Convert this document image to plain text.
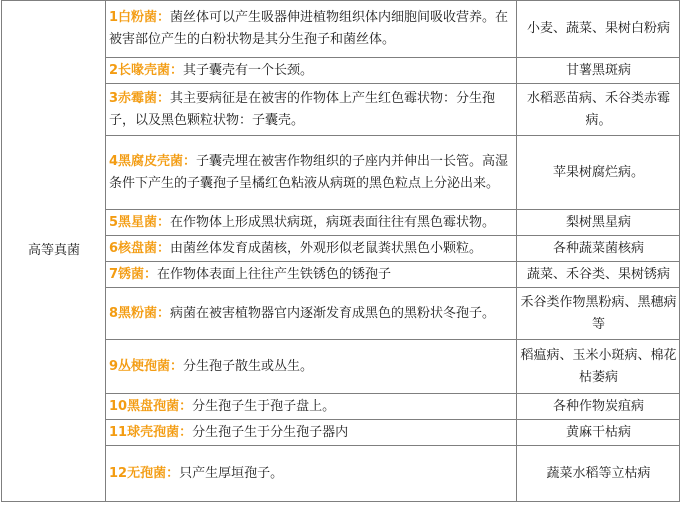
高等真菌	1白粉菌：菌丝体可以产生吸器伸进植物组织体内细胞间吸收营养。在被害部位产生的白粉状物是其分生孢子和菌丝体。	小麦、蔬菜、果树白粉病
	2长喙壳菌：其子囊壳有一个长颈。	甘薯黑斑病
	3赤霉菌：其主要病征是在被害的作物体上产生红色霉状物：分生孢子，以及黑色颗粒状物：子囊壳。	水稻恶苗病、禾谷类赤霉病。
	4黑腐皮壳菌：子囊壳埋在被害作物组织的子座内并伸出一长管。高湿条件下产生的子囊孢子呈橘红色粘液从病斑的黑色粒点上分泌出来。	苹果树腐烂病。
	5黑星菌：在作物体上形成黑状病斑，病斑表面往往有黑色霉状物。	梨树黑星病
	6核盘菌：由菌丝体发育成菌核，外观形似老鼠粪状黑色小颗粒。	各种蔬菜菌核病
	7锈菌：在作物体表面上往往产生铁锈色的锈孢子	蔬菜、禾谷类、果树锈病
	8黑粉菌：病菌在被害植物器官内逐渐发育成黑色的黑粉状冬孢子。	禾谷类作物黑粉病、黑穗病等
	9丛梗孢菌：分生孢子散生或丛生。	稻瘟病、玉米小斑病、棉花枯萎病
	10黑盘孢菌：分生孢子生于孢子盘上。	各种作物炭疽病
	11球壳孢菌：分生孢子生于分生孢子器内	黄麻干枯病
	12无孢菌：只产生厚垣孢子。	蔬菜水稻等立枯病
